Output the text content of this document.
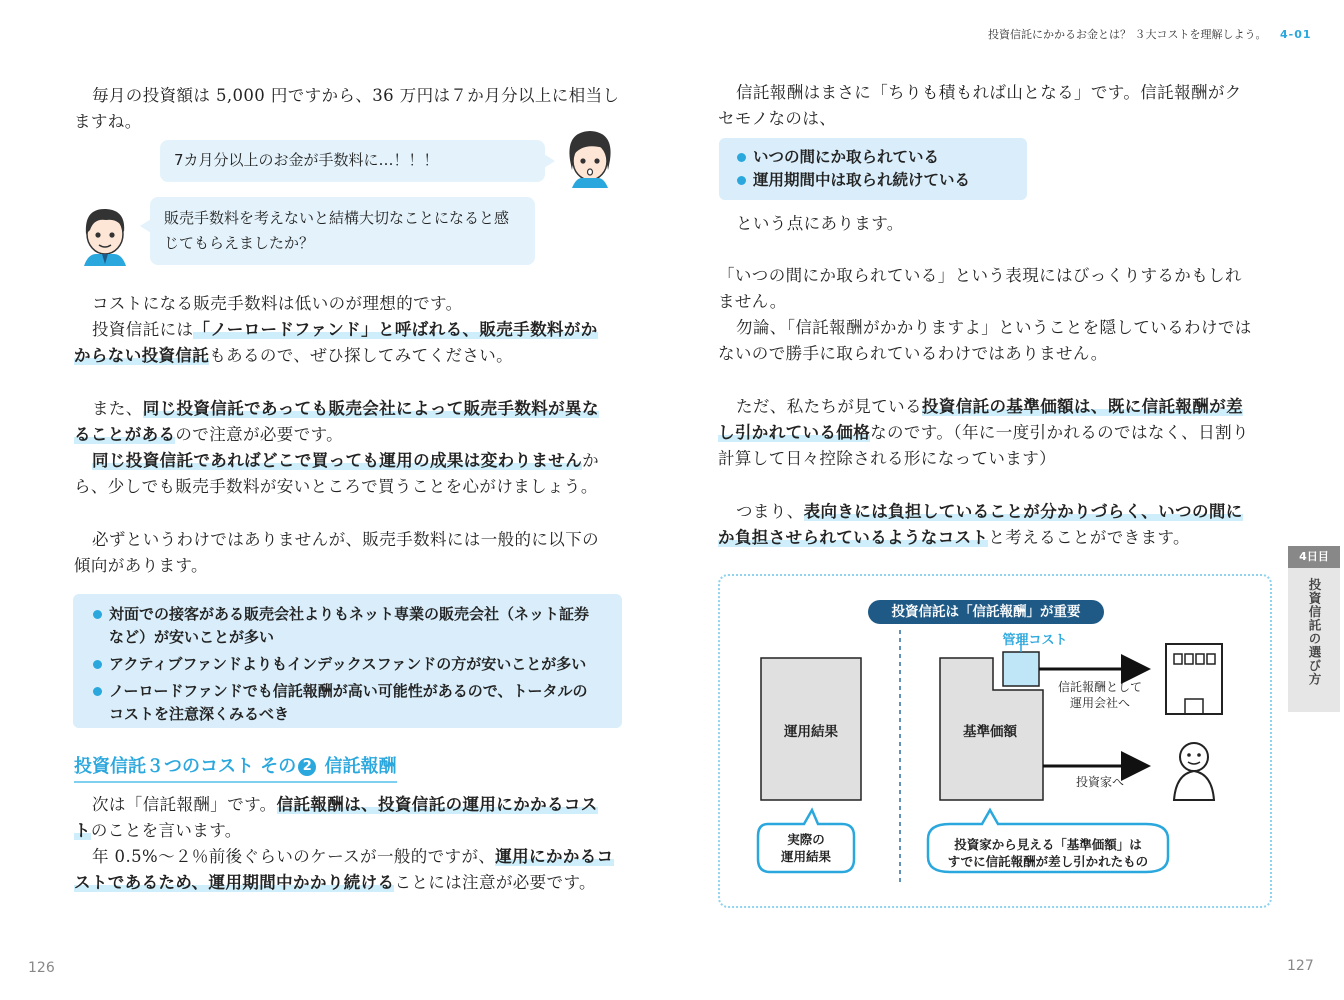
投資信託にかかるお金とは？ ３大コストを理解しよう。 4-01
毎月の投資額は 5,000 円ですから、36 万円は７か月分以上に相当し
ますね。
7カ月分以上のお金が手数料に…！！！
販売手数料を考えないと結構大切なことになると感
じてもらえましたか？
コストになる販売手数料は低いのが理想的です。
投資信託には「ノーロードファンド」と呼ばれる、販売手数料がか
からない投資信託もあるので、ぜひ探してみてください。
また、同じ投資信託であっても販売会社によって販売手数料が異な
ることがあるので注意が必要です。
同じ投資信託であればどこで買っても運用の成果は変わりませんか
ら、少しでも販売手数料が安いところで買うことを心がけましょう。
必ずというわけではありませんが、販売手数料には一般的に以下の
傾向があります。
対面での接客がある販売会社よりもネット専業の販売会社（ネット証券
など）が安いことが多い
アクティブファンドよりもインデックスファンドの方が安いことが多い
ノーロードファンドでも信託報酬が高い可能性があるので、トータルの
コストを注意深くみるべき
投資信託３つのコスト その 2 信託報酬
次は「信託報酬」です。信託報酬は、投資信託の運用にかかるコス
トのことを言います。
年 0.5%～２％前後ぐらいのケースが一般的ですが、運用にかかるコ
ストであるため、運用期間中かかり続けることには注意が必要です。
126
信託報酬はまさに「ちりも積もれば山となる」です。信託報酬がク
セモノなのは、
いつの間にか取られている
運用期間中は取られ続けている
という点にあります。
「いつの間にか取られている」という表現にはびっくりするかもしれ
ません。
勿論、「信託報酬がかかりますよ」ということを隠しているわけでは
ないので勝手に取られているわけではありません。
ただ、私たちが見ている投資信託の基準価額は、既に信託報酬が差
し引かれている価格なのです。（年に一度引かれるのではなく、日割り
計算して日々控除される形になっています）
つまり、表向きには負担していることが分かりづらく、いつの間に
か負担させられているようなコストと考えることができます。
4日目
投資信託の選び方
投資信託は「信託報酬」が重要
運用結果	基準価額
管理コスト
信託報酬として
運用会社へ
投資家へ
実際の
運用結果
投資家から見える「基準価額」は
すでに信託報酬が差し引かれたもの
127
